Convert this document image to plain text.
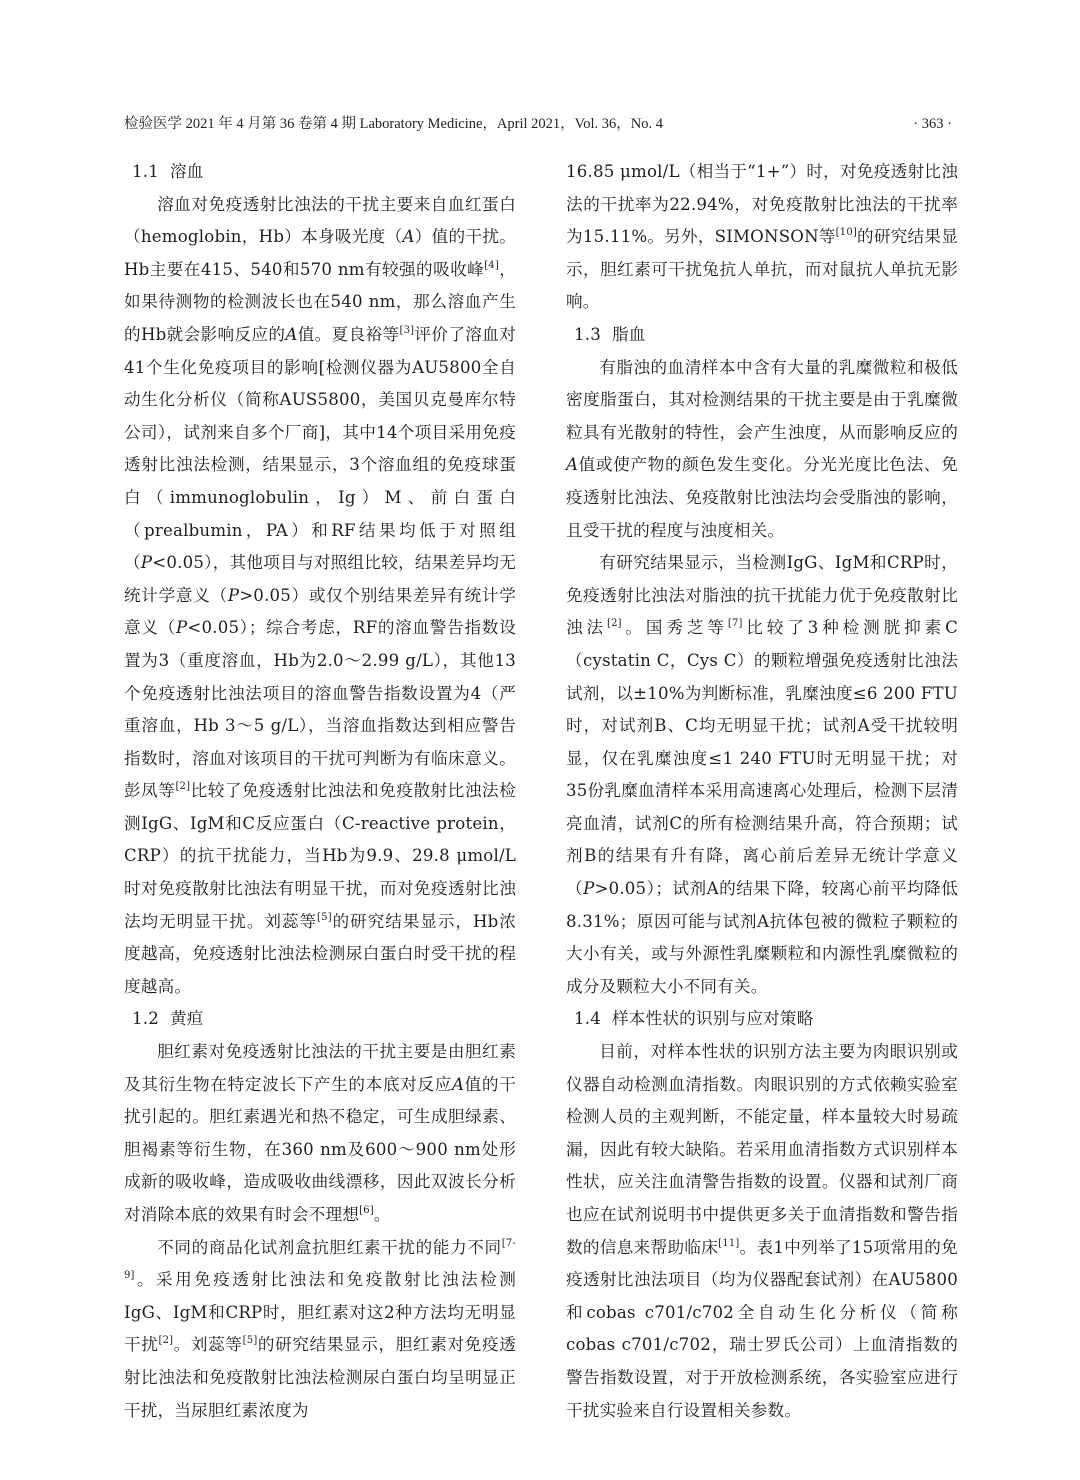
检验医学 2021 年 4 月第 36 卷第 4 期 Laboratory Medicine，April 2021，Vol. 36，No. 4	· 363 ·
1.1 溶血

溶血对免疫透射比浊法的干扰主要来自血红蛋白（hemoglobin，Hb）本身吸光度（A）值的干扰。Hb主要在415、540和570 nm有较强的吸收峰[4]，如果待测物的检测波长也在540 nm，那么溶血产生的Hb就会影响反应的A值。夏良裕等[3]评价了溶血对41个生化免疫项目的影响[检测仪器为AU5800全自动生化分析仪（简称AUS5800，美国贝克曼库尔特公司），试剂来自多个厂商]，其中14个项目采用免疫透射比浊法检测，结果显示，3个溶血组的免疫球蛋白（immunoglobulin，Ig）M、前白蛋白（prealbumin，PA）和RF结果均低于对照组（P<0.05），其他项目与对照组比较，结果差异均无统计学意义（P>0.05）或仅个别结果差异有统计学意义（P<0.05）；综合考虑，RF的溶血警告指数设置为3（重度溶血，Hb为2.0～2.99 g/L），其他13个免疫透射比浊法项目的溶血警告指数设置为4（严重溶血，Hb 3～5 g/L），当溶血指数达到相应警告指数时，溶血对该项目的干扰可判断为有临床意义。彭凤等[2]比较了免疫透射比浊法和免疫散射比浊法检测IgG、IgM和C反应蛋白（C-reactive protein，CRP）的抗干扰能力，当Hb为9.9、29.8 μmol/L时对免疫散射比浊法有明显干扰，而对免疫透射比浊法均无明显干扰。刘蕊等[5]的研究结果显示，Hb浓度越高，免疫透射比浊法检测尿白蛋白时受干扰的程度越高。

1.2 黄疸

胆红素对免疫透射比浊法的干扰主要是由胆红素及其衍生物在特定波长下产生的本底对反应A值的干扰引起的。胆红素遇光和热不稳定，可生成胆绿素、胆褐素等衍生物，在360 nm及600～900 nm处形成新的吸收峰，造成吸收曲线漂移，因此双波长分析对消除本底的效果有时会不理想[6]。

不同的商品化试剂盒抗胆红素干扰的能力不同[7-9]。采用免疫透射比浊法和免疫散射比浊法检测IgG、IgM和CRP时，胆红素对这2种方法均无明显干扰[2]。刘蕊等[5]的研究结果显示，胆红素对免疫透射比浊法和免疫散射比浊法检测尿白蛋白均呈明显正干扰，当尿胆红素浓度为

16.85 μmol/L（相当于“1+”）时，对免疫透射比浊法的干扰率为22.94%，对免疫散射比浊法的干扰率为15.11%。另外，SIMONSON等[10]的研究结果显示，胆红素可干扰兔抗人单抗，而对鼠抗人单抗无影响。

1.3 脂血

有脂浊的血清样本中含有大量的乳糜微粒和极低密度脂蛋白，其对检测结果的干扰主要是由于乳糜微粒具有光散射的特性，会产生浊度，从而影响反应的A值或使产物的颜色发生变化。分光光度比色法、免疫透射比浊法、免疫散射比浊法均会受脂浊的影响，且受干扰的程度与浊度相关。

有研究结果显示，当检测IgG、IgM和CRP时，免疫透射比浊法对脂浊的抗干扰能力优于免疫散射比浊法[2]。国秀芝等[7]比较了3种检测胱抑素C（cystatin C，Cys C）的颗粒增强免疫透射比浊法试剂，以±10%为判断标准，乳糜浊度≤6 200 FTU时，对试剂B、C均无明显干扰；试剂A受干扰较明显，仅在乳糜浊度≤1 240 FTU时无明显干扰；对35份乳糜血清样本采用高速离心处理后，检测下层清亮血清，试剂C的所有检测结果升高，符合预期；试剂B的结果有升有降，离心前后差异无统计学意义（P>0.05）；试剂A的结果下降，较离心前平均降低8.31%；原因可能与试剂A抗体包被的微粒子颗粒的大小有关，或与外源性乳糜颗粒和内源性乳糜微粒的成分及颗粒大小不同有关。

1.4 样本性状的识别与应对策略

目前，对样本性状的识别方法主要为肉眼识别或仪器自动检测血清指数。肉眼识别的方式依赖实验室检测人员的主观判断，不能定量，样本量较大时易疏漏，因此有较大缺陷。若采用血清指数方式识别样本性状，应关注血清警告指数的设置。仪器和试剂厂商也应在试剂说明书中提供更多关于血清指数和警告指数的信息来帮助临床[11]。表1中列举了15项常用的免疫透射比浊法项目（均为仪器配套试剂）在AU5800和cobas c701/c702全自动生化分析仪（简称cobas c701/c702，瑞士罗氏公司）上血清指数的警告指数设置，对于开放检测系统，各实验室应进行干扰实验来自行设置相关参数。
